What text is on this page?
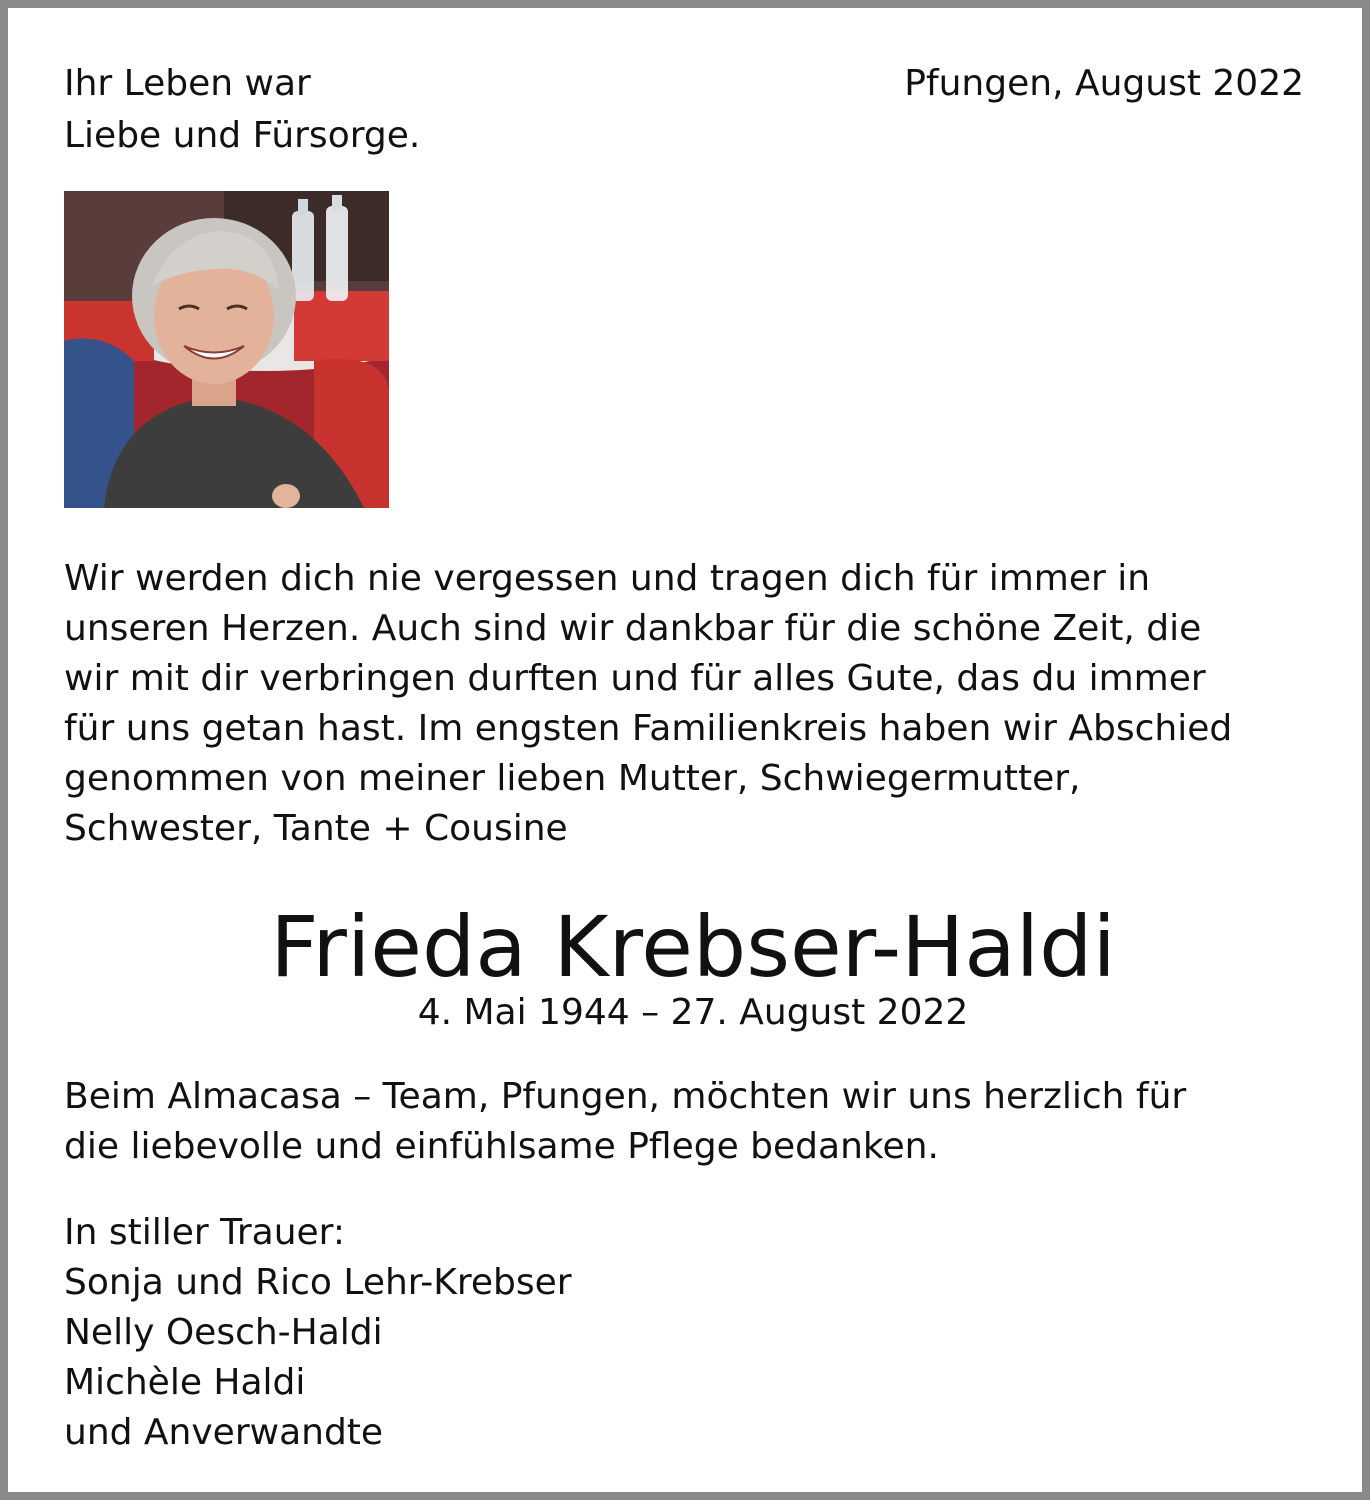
Ihr Leben war
Liebe und Fürsorge.
Pfungen, August 2022
Wir werden dich nie vergessen und tragen dich für immer in
unseren Herzen. Auch sind wir dankbar für die schöne Zeit, die
wir mit dir verbringen durften und für alles Gute, das du immer
für uns getan hast. Im engsten Familienkreis haben wir Abschied
genommen von meiner lieben Mutter, Schwiegermutter,
Schwester, Tante + Cousine
Frieda Krebser-Haldi
4. Mai 1944 – 27. August 2022
Beim Almacasa – Team, Pfungen, möchten wir uns herzlich für
die liebevolle und einfühlsame Pflege bedanken.
In stiller Trauer:
Sonja und Rico Lehr-Krebser
Nelly Oesch-Haldi
Michèle Haldi
und Anverwandte
